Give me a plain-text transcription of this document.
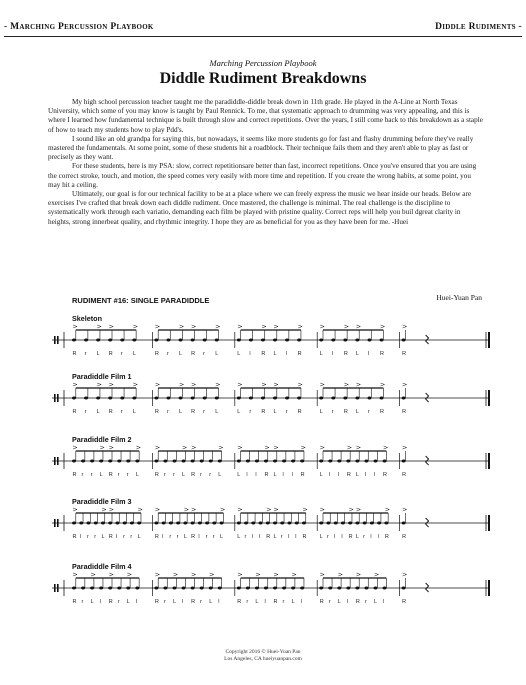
- Marching Percussion Playbook	Diddle Rudiments -
Marching Percussion Playbook
Diddle Rudiment Breakdowns

My high school percussion teacher taught me the paradiddle-diddle break down in 11th grade. He played in the A-Line at North Texas University, which some of you may know is taught by Paul Rennick. To me, that systematic approach to drumming was very appealing, and this is where I learned how fundamental technique is built through slow and correct repetitions. Over the years, I still come back to this breakdown as a staple of how to teach my students how to play Pdd's.

I sound like an old grandpa for saying this, but nowadays, it seems like more students go for fast and flashy drumming before they've really mastered the fundamentals. At some point, some of these students hit a roadblock. Their technique fails them and they aren't able to play as fast or precisely as they want.

For these students, here is my PSA: slow, correct repetitionsare better than fast, incorrect repetitions. Once you've ensured that you are using the correct stroke, touch, and motion, the speed comes very easily with more time and repetition. If you create the wrong habits, at some point, you may hit a ceiling.

Ultimately, our goal is for our technical facility to be at a place where we can freely express the music we hear inside our heads. Below are exercises I've crafted that break down each diddle rudiment. Once mastered, the challenge is minimal. The real challenge is the discipline to systematically work through each variatio, demanding each film be played with pristine quality. Correct reps will help you buil dgreat clarity in heights, strong innerbeat quality, and rhythmic integrity. I hope they are as beneficial for you as they have been for me. -Huei

RUDIMENT #16: SINGLE PARADIDDLE	Huei-Yuan Pan
Skeleton
R r L R r L	R r L R r L	L l R L l R	L l R L l R	R
Paradiddle Film 1
R r L R r L	R r L R r L	L r R L r R	L r R L r R	R
Paradiddle Film 2
R r r L R r r L	R r r L R r r L	L l l R L l l R	L l l R L l l R	R
Paradiddle Film 3
R l r r L R l r r L	R l r r L R l r r L	L r l l R L r l l R L r l l R L r l l R R
Paradiddle Film 4
R r L l R r L l	R r L l R r L l	R r L l R r L l	R r L l R r L l	R
Copyright 2016 © Huei-Yuan Pan
Los Angeles, CA hueiyuanpan.com
